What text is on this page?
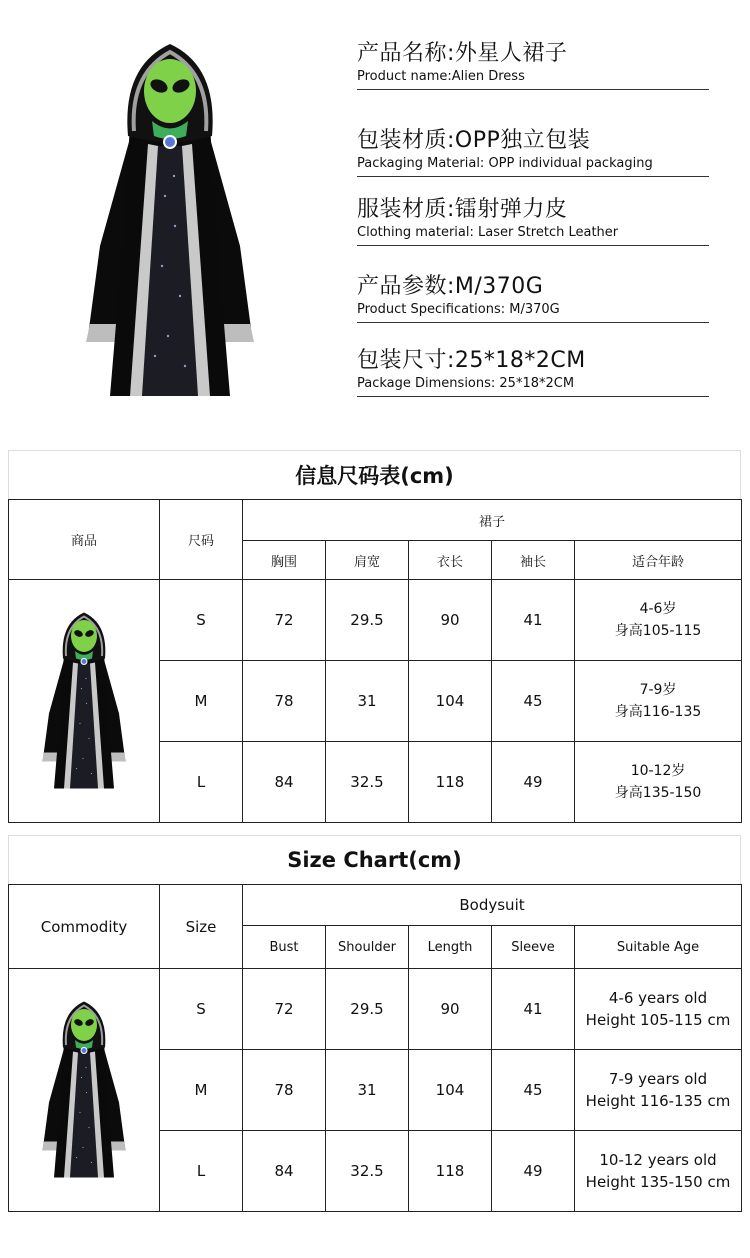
产品名称:外星人裙子
Product name:Alien Dress
包装材质:OPP独立包装
Packaging Material: OPP individual packaging
服装材质:镭射弹力皮
Clothing material: Laser Stretch Leather
产品参数:M/370G
Product Specifications: M/370G
包装尺寸:25*18*2CM
Package Dimensions: 25*18*2CM
信息尺码表(cm)
商品	尺码	裙子				
		胸围	肩宽	衣长	袖长	适合年龄

	S	72	29.5	90	41	4-6岁
身高105-115

	M	78	31	104	45	7-9岁
身高116-135

	L	84	32.5	118	49	10-12岁
身高135-150
Size Chart(cm)
Commodity	Size	Bodysuit				
		Bust	Shoulder	Length	Sleeve	Suitable Age

	S	72	29.5	90	41	4-6 years old
Height 105-115 cm

	M	78	31	104	45	7-9 years old
Height 116-135 cm

	L	84	32.5	118	49	10-12 years old
Height 135-150 cm
